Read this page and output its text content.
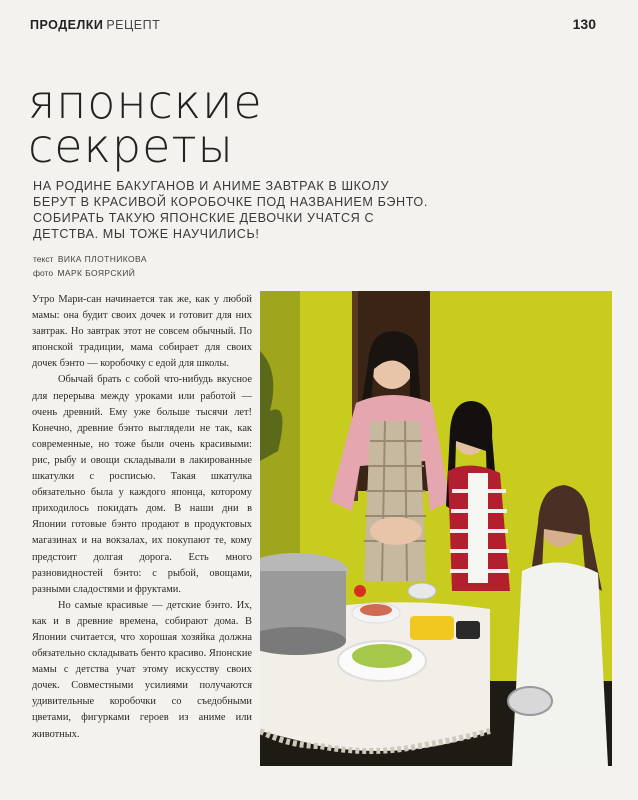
ПРОДЕЛКИ РЕЦЕПТ	130
японские
секреты
НА РОДИНЕ БАКУГАНОВ И АНИМЕ ЗАВТРАК В ШКОЛУ БЕРУТ В КРАСИВОЙ КОРОБОЧКЕ ПОД НАЗВАНИЕМ БЭНТО. СОБИРАТЬ ТАКУЮ ЯПОНСКИЕ ДЕВОЧКИ УЧАТСЯ С ДЕТСТВА. МЫ ТОЖЕ НАУЧИЛИСЬ!
текст ВИКА ПЛОТНИКОВА
фото МАРК БОЯРСКИЙ

Утро Мари-сан начинается так же, как у любой мамы: она будит своих дочек и готовит для них завтрак. Но завтрак этот не совсем обычный. По японской традиции, мама собирает для своих дочек бэнто — коробочку с едой для школы.

Обычай брать с собой что-нибудь вкусное для перерыва между уроками или работой — очень древний. Ему уже больше тысячи лет! Конечно, древние бэнто выглядели не так, как современные, но тоже были очень красивыми: рис, рыбу и овощи складывали в лакированные шкатулки с росписью. Такая шкатулка обязательно была у каждого японца, которому приходилось покидать дом. В наши дни в Японии готовые бэнто продают в продуктовых магазинах и на вокзалах, их покупают те, кому предстоит долгая дорога. Есть много разновидностей бэнто: с рыбой, овощами, разными сладостями и фруктами.

Но самые красивые — детские бэнто. Их, как и в древние времена, собирают дома. В Японии считается, что хорошая хозяйка должна обязательно складывать бенто красиво. Японские мамы с детства учат этому искусству своих дочек. Совместными усилиями получаются удивительные коробочки со съедобными цветами, фигурками героев из аниме или животных.
